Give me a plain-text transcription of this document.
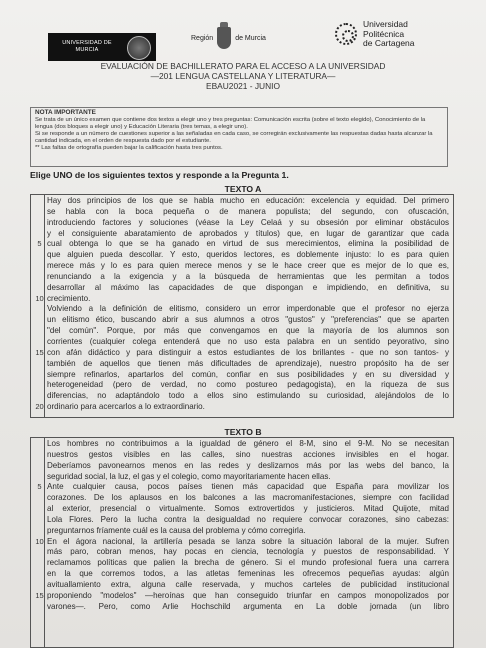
UNIVERSIDAD DE
MURCIA
Región	de Murcia
Universidad
Politécnica
de Cartagena
EVALUACIÓN DE BACHILLERATO PARA EL ACCESO A LA UNIVERSIDAD
—201 LENGUA CASTELLANA Y LITERATURA—
EBAU2021 - JUNIO

NOTA IMPORTANTE

Se trata de un único examen que contiene dos textos a elegir uno y tres preguntas: Comunicación escrita (sobre el texto elegido), Conocimiento de la lengua (dos bloques a elegir uno) y Educación Literaria (tres temas, a elegir uno).

Si se responde a un número de cuestiones superior a las señaladas en cada caso, se corregirán exclusivamente las respuestas dadas hasta alcanzar la cantidad indicada, en el orden de respuesta dado por el estudiante.

** Las faltas de ortografía pueden bajar la calificación hasta tres puntos.

Elige UNO de los siguientes textos y responde a la Pregunta 1.
TEXTO A
Hay dos principios de los que se habla mucho en educación: excelencia y equidad. Del primero
se habla con la boca pequeña o de manera populista; del segundo, con ofuscación,
introduciendo factores y soluciones (véase la Ley Celaá y su obsesión por eliminar obstáculos
y el consiguiente abaratamiento de aprobados y títulos) que, en lugar de garantizar que cada
cual obtenga lo que se ha ganado en virtud de sus merecimientos, elimina la posibilidad de
que alguien pueda descollar. Y esto, queridos lectores, es doblemente injusto: lo es para quien
merece más y lo es para quien merece menos y se le hace creer que es mejor de lo que es,
renunciando a la exigencia y a la búsqueda de herramientas que les permitan a todos
desarrollar al máximo las capacidades de que dispongan e impidiendo, en definitiva, su
crecimiento.
Volviendo a la definición de elitismo, considero un error imperdonable que el profesor no ejerza
un elitismo ético, buscando abrir a sus alumnos a otros "gustos" y "preferencias" que se aparten
"del común". Porque, por más que convengamos en que la mayoría de los alumnos son
corrientes (cualquier colega entenderá que no uso esta palabra en un sentido peyorativo, sino
con afán didáctico y para distinguir a estos estudiantes de los brillantes - que no son tantos- y
también de aquellos que tienen más dificultades de aprendizaje), nuestro propósito ha de ser
siempre refinarlos, apartarlos del común, confiar en sus posibilidades y en su diversidad y
heterogeneidad (pero de verdad, no como postureo pedagogista), en la riqueza de sus
diferencias, no adaptándolo todo a ellos sino estimulando su curiosidad, alejándolos de lo
ordinario para acercarlos a lo extraordinario.
5
10
15
20
TEXTO B
Los hombres no contribuimos a la igualdad de género el 8-M, sino el 9-M. No se necesitan
nuestros gestos visibles en las calles, sino nuestras acciones invisibles en el hogar.
Deberíamos pavonearnos menos en las redes y deslizarnos más por las webs del banco, la
seguridad social, la luz, el gas y el colegio, como mayoritariamente hacen ellas.
Ante cualquier causa, pocos países tienen más capacidad que España para movilizar los
corazones. De los aplausos en los balcones a las macromanifestaciones, siempre con facilidad
al exterior, presencial o virtualmente. Somos extrovertidos y justicieros. Mitad Quijote, mitad
Lola Flores. Pero la lucha contra la desigualdad no requiere convocar corazones, sino cabezas:
preguntarnos fríamente cuál es la causa del problema y cómo corregirla.
En el ágora nacional, la artillería pesada se lanza sobre la situación laboral de la mujer. Sufren
más paro, cobran menos, hay pocas en ciencia, tecnología y puestos de responsabilidad. Y
reclamamos políticas que palien la brecha de género. Si el mundo profesional fuera una carrera
en la que corremos todos, a las atletas femeninas les ofrecemos pequeñas ayudas: algún
avituallamiento extra, alguna calle reservada, y muchos carteles de publicidad institucional
proponiendo "modelos" —heroínas que han conseguido triunfar en campos monopolizados por
varones—. Pero, como Arlie Hochschild argumenta en La doble jornada (un libro
5
10
15
